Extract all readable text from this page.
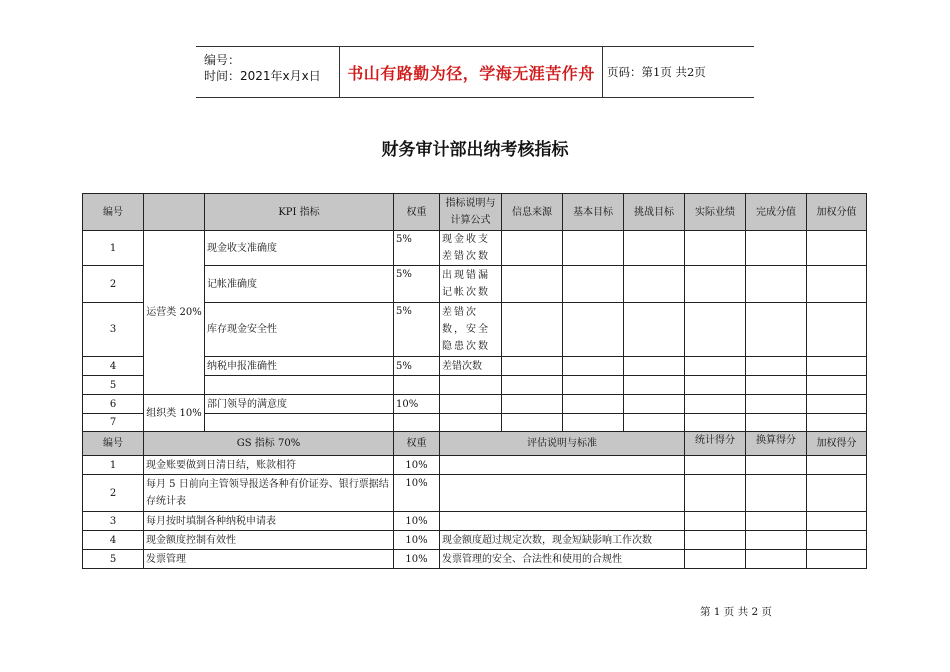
编号：
时间：2021年x月x日 书山有路勤为径，学海无涯苦作舟 页码：第1页 共2页
财务审计部出纳考核指标
编号		KPI 指标	权重	指标说明与计算公式	信息来源	基本目标	挑战目标	实际业绩	完成分值	加权分值
1	运营类 20%	现金收支准确度	5%	现金收支差错次数						
2		记帐准确度	5%	出现错漏记帐次数						
3		库存现金安全性	5%	差错次数，安全隐患次数						
4		纳税申报准确性	5%	差错次数						
5										
6	组织类 10%	部门领导的满意度	10%							
7										
编号	GS 指标 70%		权重	评估说明与标准				统计得分	换算得分	加权得分
1	现金账要做到日清日结，账款相符		10%							
2	每月 5 日前向主管领导报送各种有价证券、银行票据结存统计表		10%							
3	每月按时填制各种纳税申请表		10%							
4	现金额度控制有效性		10%	现金额度超过规定次数，现金短缺影响工作次数						
5	发票管理		10%	发票管理的安全、合法性和使用的合规性						
第 1 页 共 2 页
